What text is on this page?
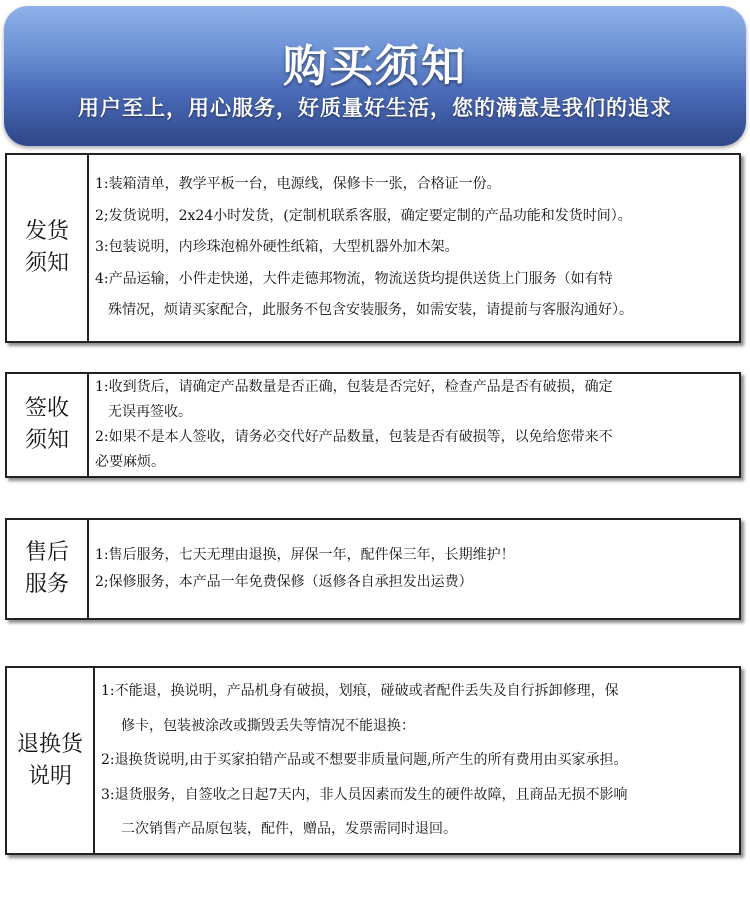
购买须知
用户至上，用心服务，好质量好生活，您的满意是我们的追求
发货
须知
1:装箱清单，教学平板一台，电源线，保修卡一张，合格证一份。
2;发货说明，2x24小时发货，(定制机联系客服，确定要定制的产品功能和发货时间）。
3:包装说明，内珍珠泡棉外硬性纸箱，大型机器外加木架。
4:产品运输，小件走快递，大件走德邦物流，物流送货均提供送货上门服务（如有特
殊情况，烦请买家配合，此服务不包含安装服务，如需安装，请提前与客服沟通好）。
签收
须知
1:收到货后，请确定产品数量是否正确，包装是否完好，检查产品是否有破损，确定
无误再签收。
2:如果不是本人签收，请务必交代好产品数量，包装是否有破损等，以免给您带来不
必要麻烦。
售后
服务
1:售后服务，七天无理由退换，屏保一年，配件保三年，长期维护！
2;保修服务，本产品一年免费保修（返修各自承担发出运费）
退换货
说明
1:不能退，换说明，产品机身有破损，划痕，碰破或者配件丢失及自行拆卸修理，保
修卡，包装被涂改或撕毁丢失等情况不能退换：
2:退换货说明,由于买家拍错产品或不想要非质量问题,所产生的所有费用由买家承担。
3:退货服务，自签收之日起7天内，非人员因素而发生的硬件故障，且商品无损不影响
二次销售产品原包装，配件，赠品，发票需同时退回。
